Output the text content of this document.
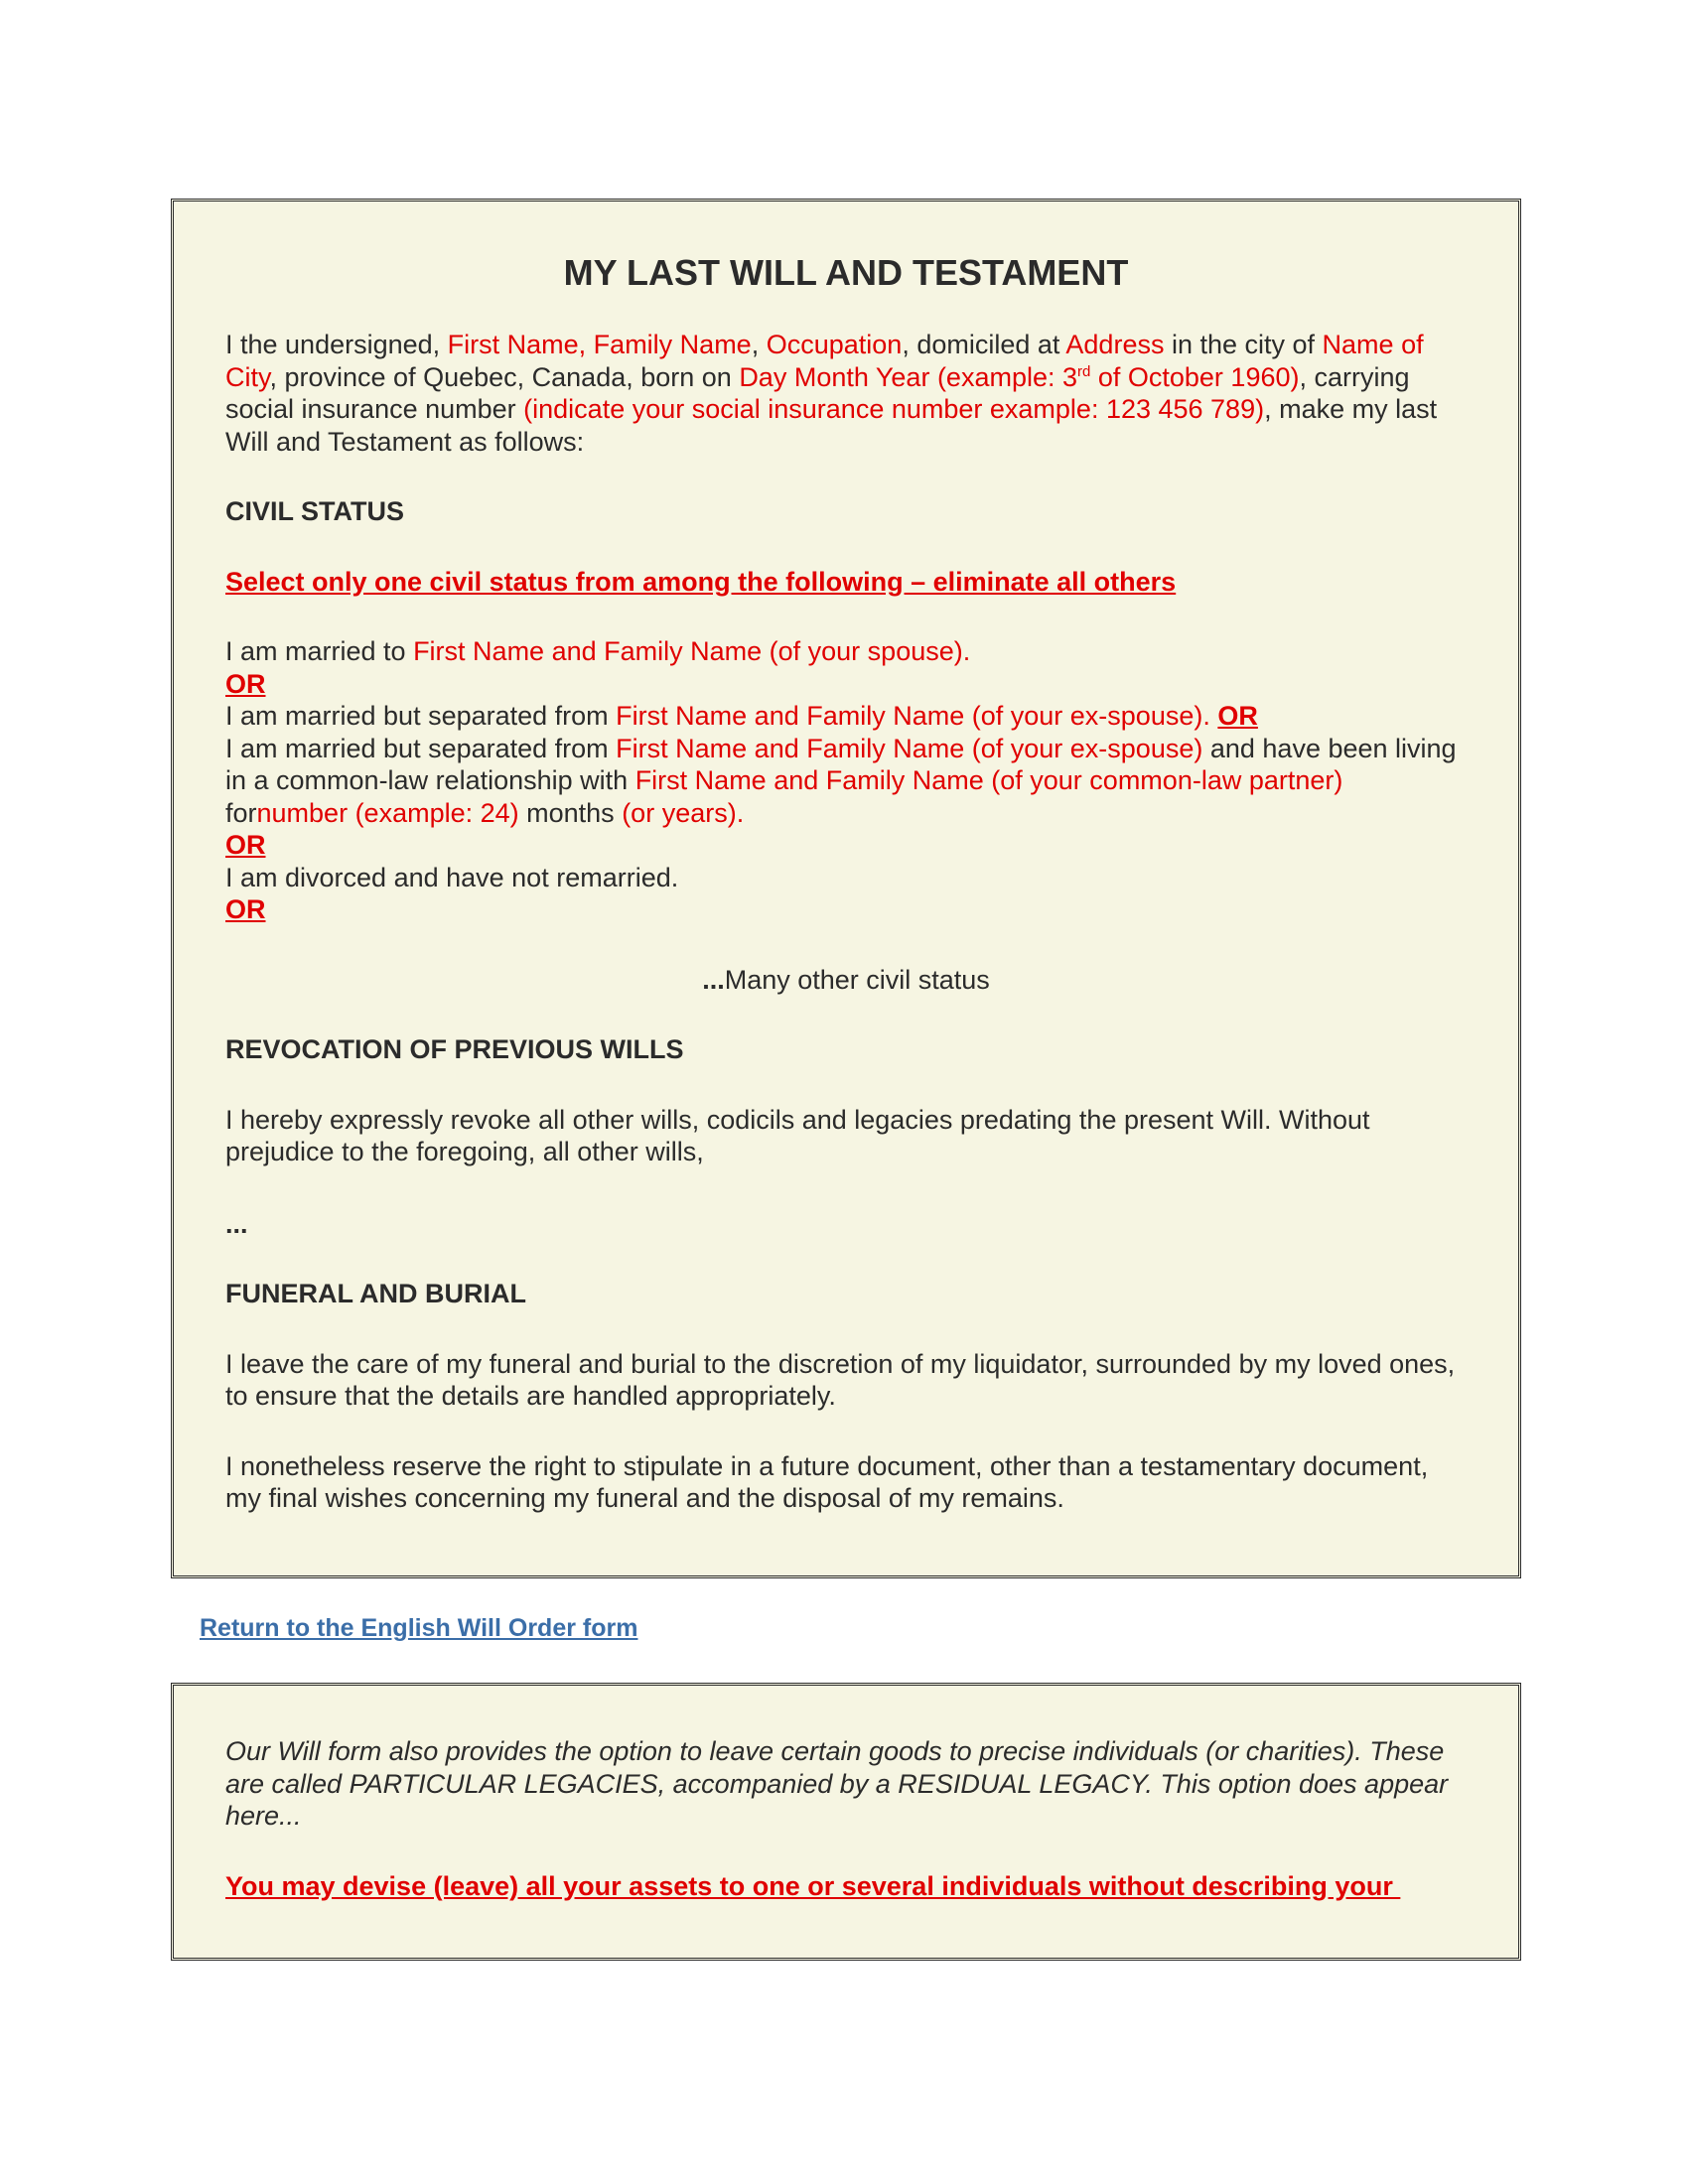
MY LAST WILL AND TESTAMENT

I the undersigned, First Name, Family Name, Occupation, domiciled at Address in the city of Name of City, province of Quebec, Canada, born on Day Month Year (example: 3rd of October 1960), carrying social insurance number (indicate your social insurance number example: 123 456 789), make my last Will and Testament as follows:

CIVIL STATUS

Select only one civil status from among the following – eliminate all others

I am married to First Name and Family Name (of your spouse).
OR

I am married but separated from First Name and Family Name (of your ex-spouse). OR

I am married but separated from First Name and Family Name (of your ex-spouse) and have been living in a common-law relationship with First Name and Family Name (of your common-law partner) fornumber (example: 24) months (or years).
OR

I am divorced and have not remarried.
OR

...Many other civil status

REVOCATION OF PREVIOUS WILLS

I hereby expressly revoke all other wills, codicils and legacies predating the present Will. Without prejudice to the foregoing, all other wills,

...

FUNERAL AND BURIAL

I leave the care of my funeral and burial to the discretion of my liquidator, surrounded by my loved ones, to ensure that the details are handled appropriately.

I nonetheless reserve the right to stipulate in a future document, other than a testamentary document, my final wishes concerning my funeral and the disposal of my remains.

Return to the English Will Order form

Our Will form also provides the option to leave certain goods to precise individuals (or charities). These are called PARTICULAR LEGACIES, accompanied by a RESIDUAL LEGACY. This option does appear here...

You may devise (leave) all your assets to one or several individuals without describing your
